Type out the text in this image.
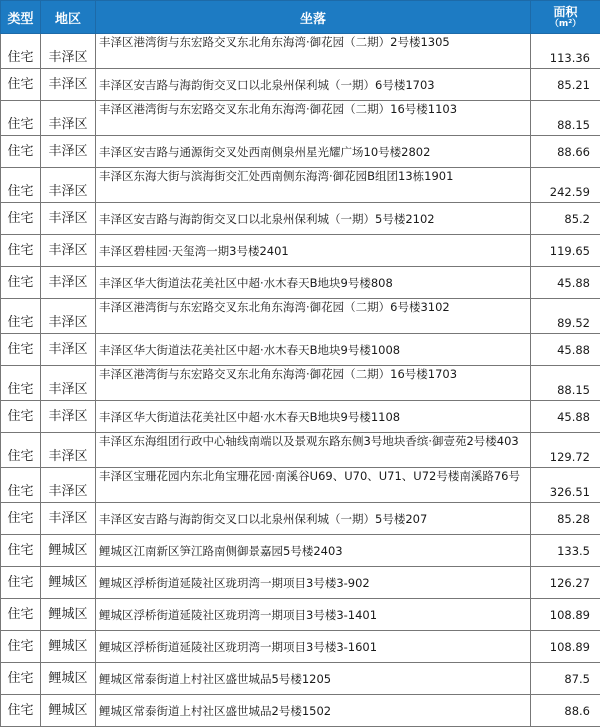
类型	地区	坐落	面积
（m²）

住宅	丰泽区	丰泽区港湾街与东宏路交叉东北角东海湾·御花园（二期）2号楼1305	113.36
住宅	丰泽区	丰泽区安吉路与海韵街交叉口以北泉州保利城（一期）6号楼1703	85.21
住宅	丰泽区	丰泽区港湾街与东宏路交叉东北角东海湾·御花园（二期）16号楼1103	88.15
住宅	丰泽区	丰泽区安吉路与通源街交叉处西南侧泉州星光耀广场10号楼2802	88.66
住宅	丰泽区	丰泽区东海大街与滨海街交汇处西南侧东海湾·御花园B组团13栋1901	242.59
住宅	丰泽区	丰泽区安吉路与海韵街交叉口以北泉州保利城（一期）5号楼2102	85.2
住宅	丰泽区	丰泽区碧桂园·天玺湾一期3号楼2401	119.65
住宅	丰泽区	丰泽区华大街道法花美社区中超·水木春天B地块9号楼808	45.88
住宅	丰泽区	丰泽区港湾街与东宏路交叉东北角东海湾·御花园（二期）6号楼3102	89.52
住宅	丰泽区	丰泽区华大街道法花美社区中超·水木春天B地块9号楼1008	45.88
住宅	丰泽区	丰泽区港湾街与东宏路交叉东北角东海湾·御花园（二期）16号楼1703	88.15
住宅	丰泽区	丰泽区华大街道法花美社区中超·水木春天B地块9号楼1108	45.88
住宅	丰泽区	丰泽区东海组团行政中心轴线南端以及景观东路东侧3号地块香缤·御壹苑2号楼403	129.72
住宅	丰泽区	丰泽区宝珊花园内东北角宝珊花园·南溪谷U69、U70、U71、U72号楼南溪路76号	326.51
住宅	丰泽区	丰泽区安吉路与海韵街交叉口以北泉州保利城（一期）5号楼207	85.28
住宅	鲤城区	鲤城区江南新区笋江路南侧御景嘉园5号楼2403	133.5
住宅	鲤城区	鲤城区浮桥街道延陵社区珑玥湾一期项目3号楼3-902	126.27
住宅	鲤城区	鲤城区浮桥街道延陵社区珑玥湾一期项目3号楼3-1401	108.89
住宅	鲤城区	鲤城区浮桥街道延陵社区珑玥湾一期项目3号楼3-1601	108.89
住宅	鲤城区	鲤城区常泰街道上村社区盛世城品5号楼1205	87.5
住宅	鲤城区	鲤城区常泰街道上村社区盛世城品2号楼1502	88.6
